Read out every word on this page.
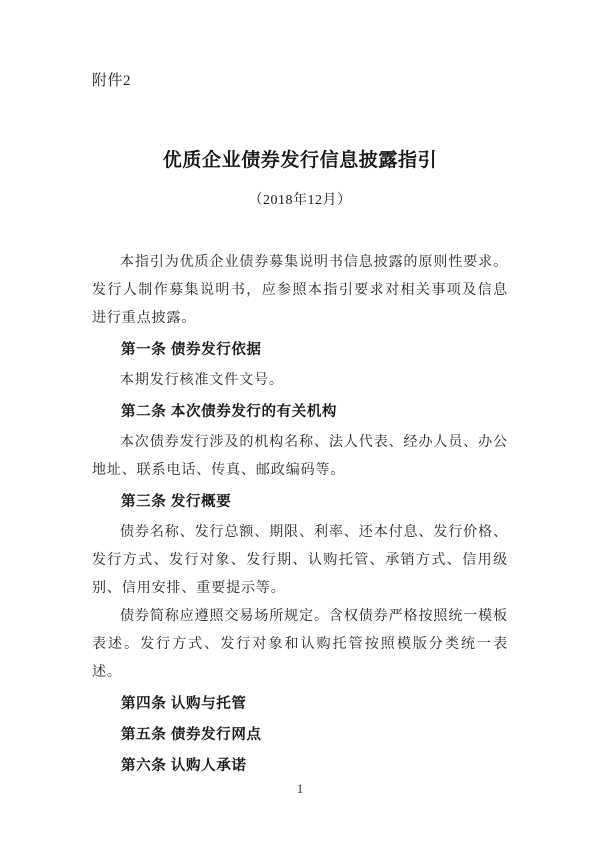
附件2
优质企业债券发行信息披露指引
（2018年12月）

本指引为优质企业债券募集说明书信息披露的原则性要求。发行人制作募集说明书，应参照本指引要求对相关事项及信息进行重点披露。

第一条 债券发行依据

本期发行核准文件文号。

第二条 本次债券发行的有关机构

本次债券发行涉及的机构名称、法人代表、经办人员、办公地址、联系电话、传真、邮政编码等。

第三条 发行概要

债券名称、发行总额、期限、利率、还本付息、发行价格、发行方式、发行对象、发行期、认购托管、承销方式、信用级别、信用安排、重要提示等。

债券简称应遵照交易场所规定。含权债券严格按照统一模板表述。发行方式、发行对象和认购托管按照模版分类统一表述。

第四条 认购与托管

第五条 债券发行网点

第六条 认购人承诺

1
